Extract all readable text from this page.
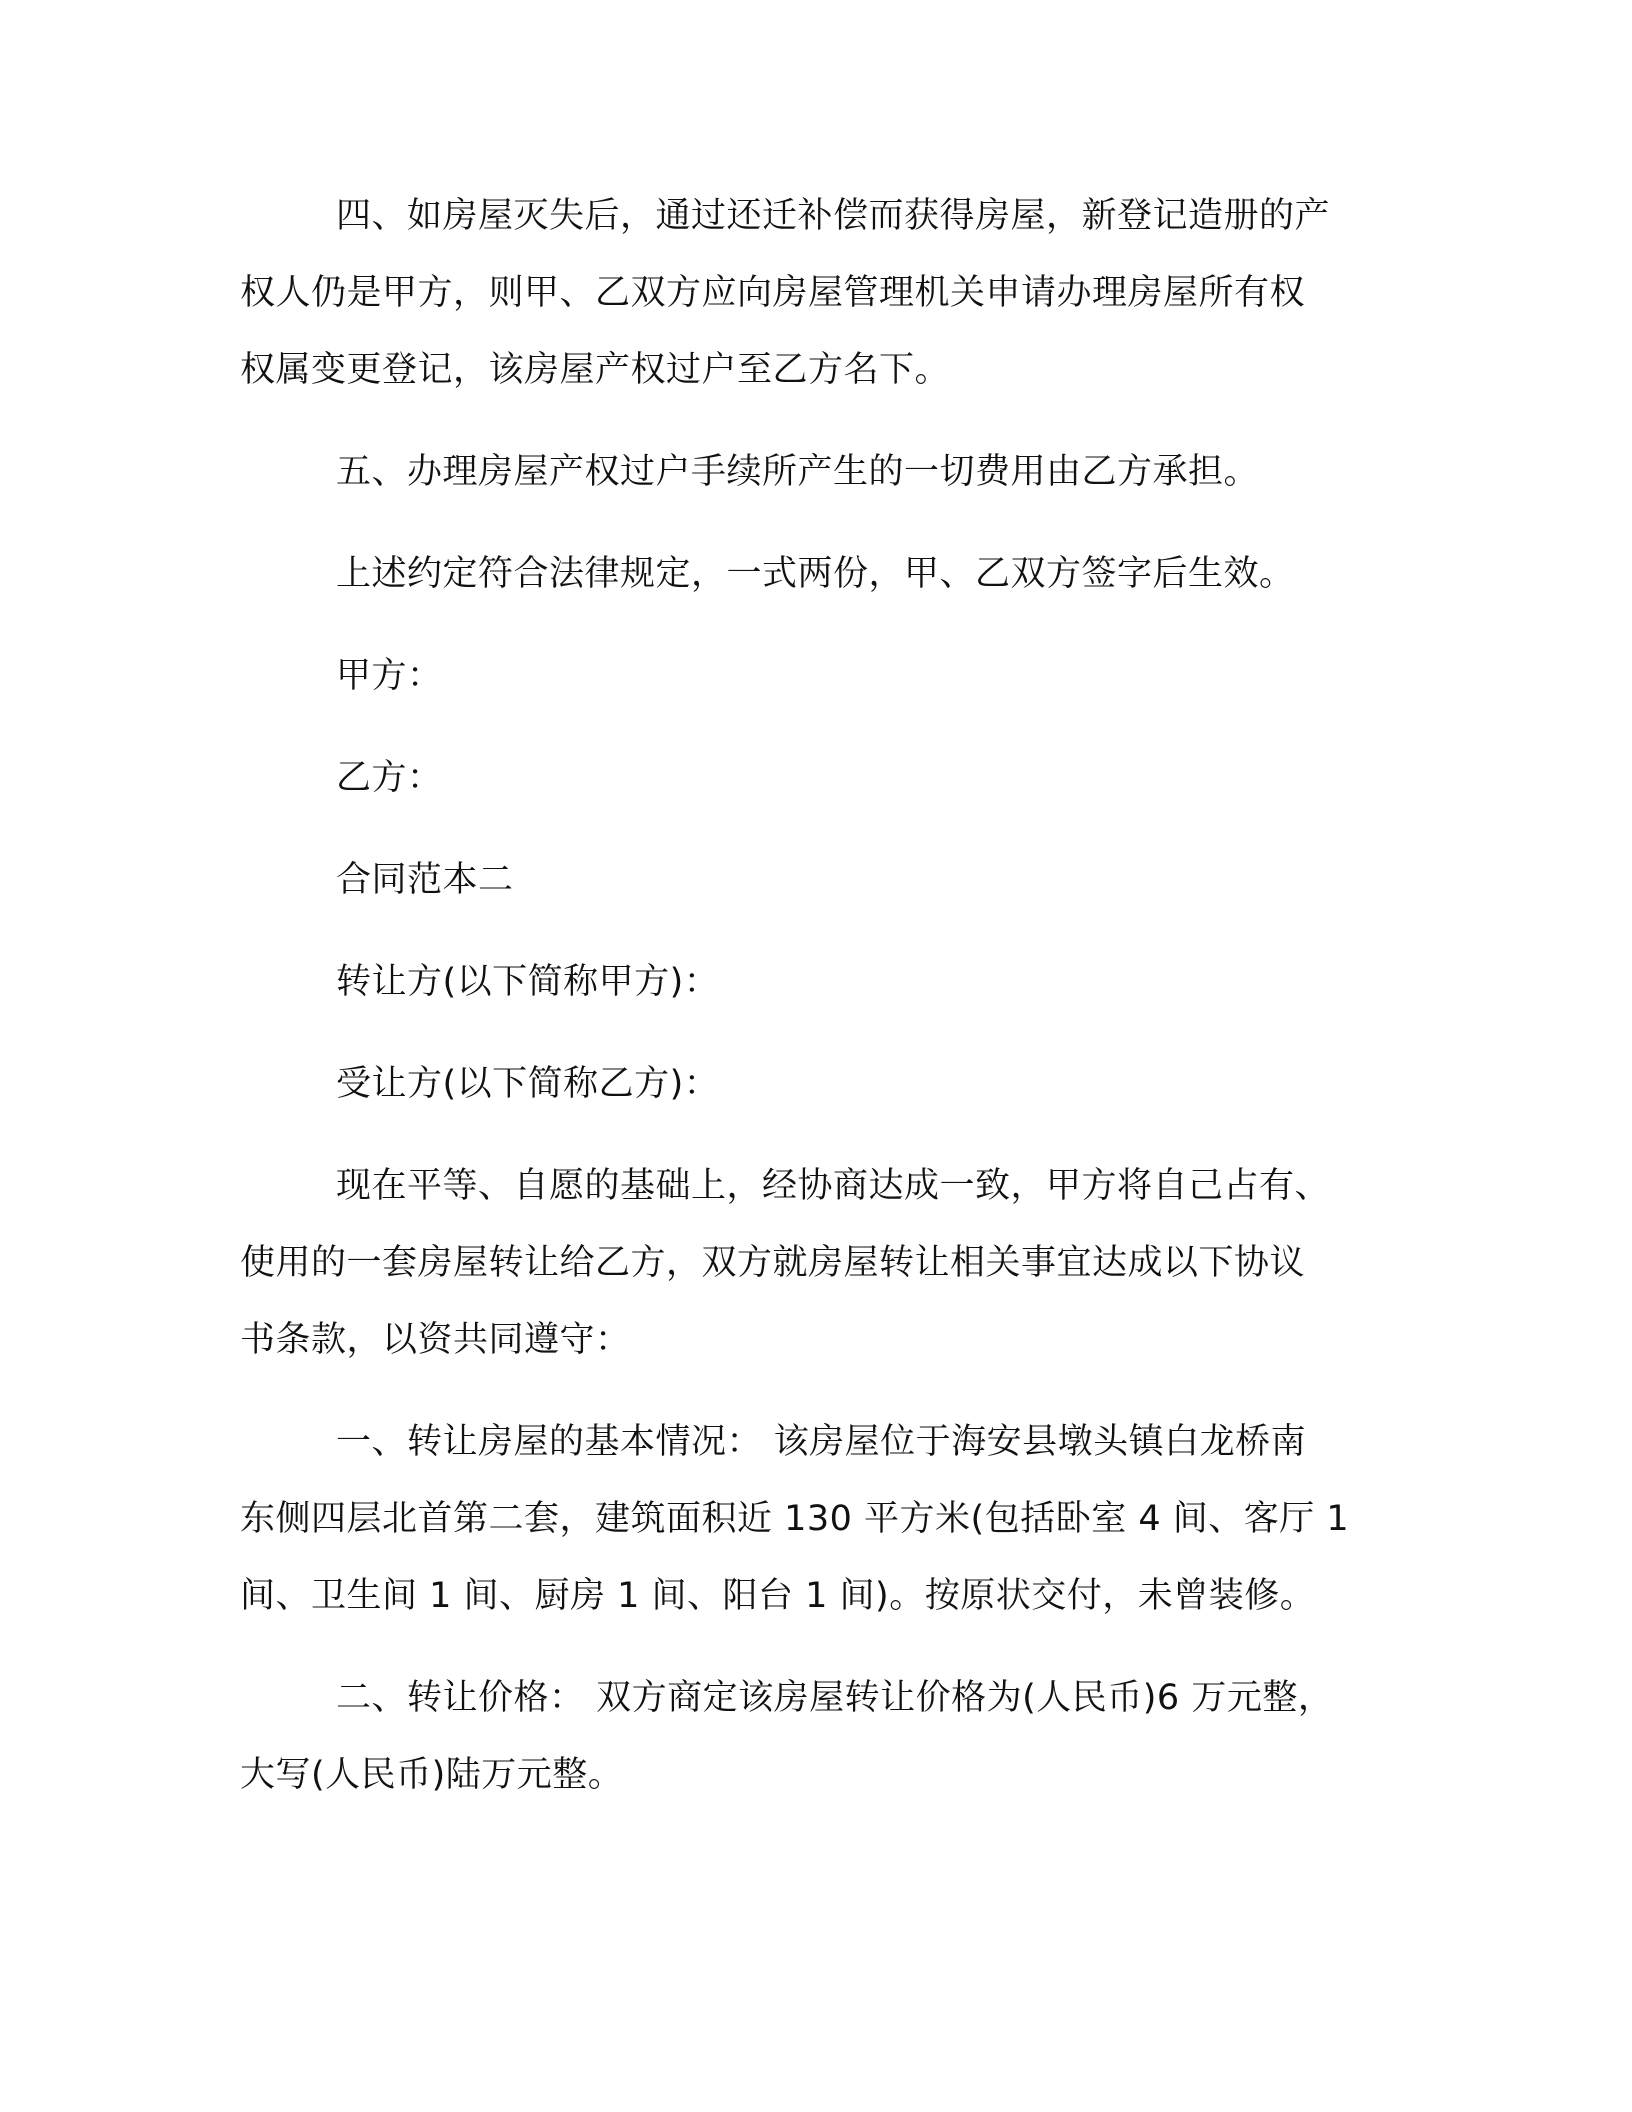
四、如房屋灭失后，通过还迁补偿而获得房屋，新登记造册的产
权人仍是甲方，则甲、乙双方应向房屋管理机关申请办理房屋所有权
权属变更登记，该房屋产权过户至乙方名下。

五、办理房屋产权过户手续所产生的一切费用由乙方承担。

上述约定符合法律规定，一式两份，甲、乙双方签字后生效。

甲方：

乙方：

合同范本二

转让方(以下简称甲方)：

受让方(以下简称乙方)：

现在平等、自愿的基础上，经协商达成一致，甲方将自己占有、
使用的一套房屋转让给乙方，双方就房屋转让相关事宜达成以下协议
书条款，以资共同遵守：

一、转让房屋的基本情况： 该房屋位于海安县墩头镇白龙桥南
东侧四层北首第二套，建筑面积近 130 平方米(包括卧室 4 间、客厅 1
间、卫生间 1 间、厨房 1 间、阳台 1 间)。按原状交付，未曾装修。

二、转让价格： 双方商定该房屋转让价格为(人民币)6 万元整，
大写(人民币)陆万元整。
